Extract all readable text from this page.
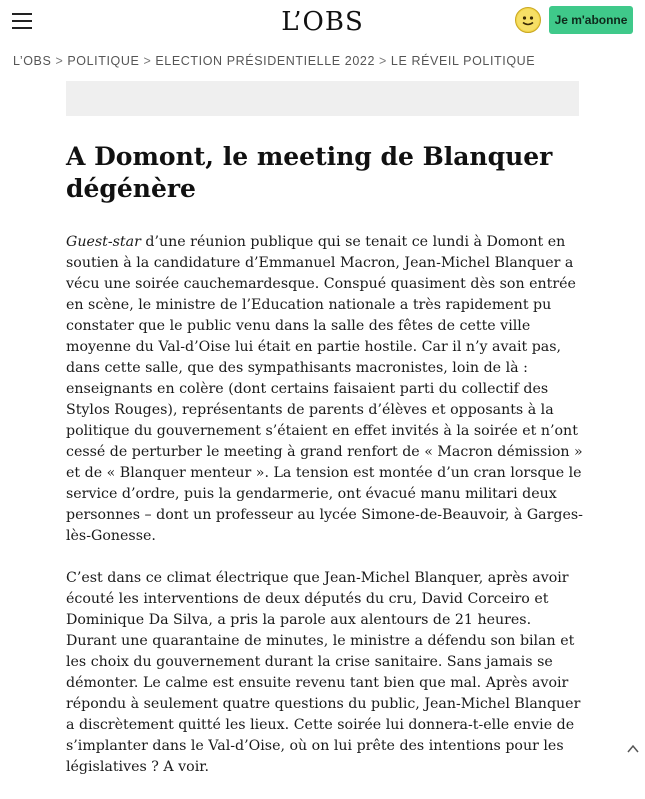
L’OBS	Je m'abonne
L’OBS > POLITIQUE > ELECTION PRÉSIDENTIELLE 2022 > LE RÉVEIL POLITIQUE
A Domont, le meeting de Blanquer dégénère

Guest-star d’une réunion publique qui se tenait ce lundi à Domont en soutien à la candidature d’Emmanuel Macron, Jean-Michel Blanquer a vécu une soirée cauchemardesque. Conspué quasiment dès son entrée en scène, le ministre de l’Education nationale a très rapidement pu constater que le public venu dans la salle des fêtes de cette ville moyenne du Val-d’Oise lui était en partie hostile. Car il n’y avait pas, dans cette salle, que des sympathisants macronistes, loin de là : enseignants en colère (dont certains faisaient parti du collectif des Stylos Rouges), représentants de parents d’élèves et opposants à la politique du gouvernement s’étaient en effet invités à la soirée et n’ont cessé de perturber le meeting à grand renfort de « Macron démission » et de « Blanquer menteur ». La tension est montée d’un cran lorsque le service d’ordre, puis la gendarmerie, ont évacué manu militari deux personnes – dont un professeur au lycée Simone-de-Beauvoir, à Garges-lès-Gonesse.

C’est dans ce climat électrique que Jean-Michel Blanquer, après avoir écouté les interventions de deux députés du cru, David Corceiro et Dominique Da Silva, a pris la parole aux alentours de 21 heures. Durant une quarantaine de minutes, le ministre a défendu son bilan et les choix du gouvernement durant la crise sanitaire. Sans jamais se démonter. Le calme est ensuite revenu tant bien que mal. Après avoir répondu à seulement quatre questions du public, Jean-Michel Blanquer a discrètement quitté les lieux. Cette soirée lui donnera-t-elle envie de s’implanter dans le Val-d’Oise, où on lui prête des intentions pour les législatives ? A voir.
